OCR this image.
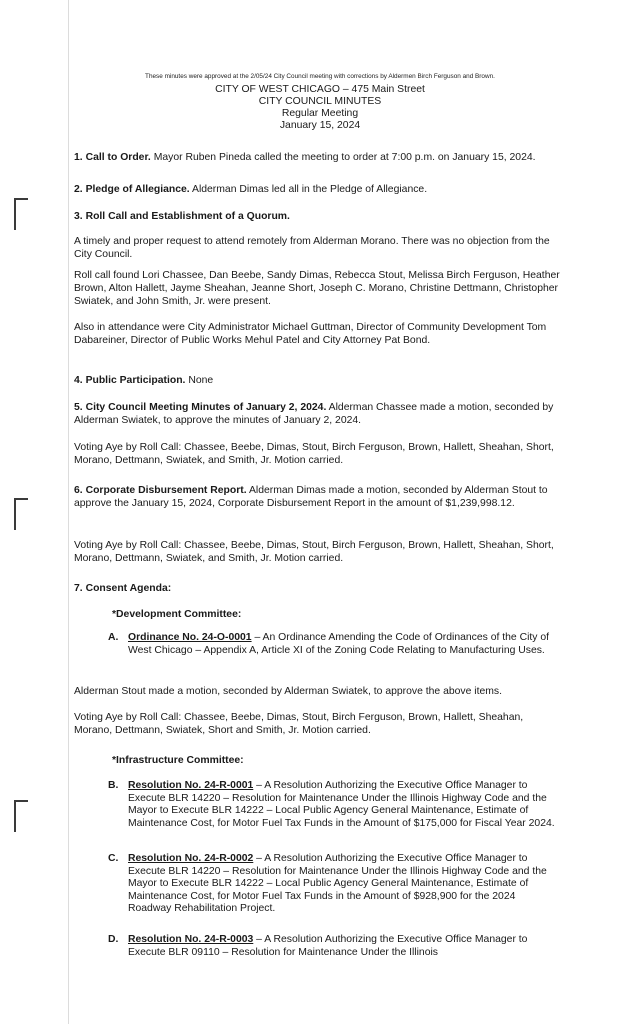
These minutes were approved at the 2/05/24 City Council meeting with corrections by Aldermen Birch Ferguson and Brown.
CITY OF WEST CHICAGO – 475 Main Street
CITY COUNCIL MINUTES
Regular Meeting
January 15, 2024
1. Call to Order. Mayor Ruben Pineda called the meeting to order at 7:00 p.m. on January 15, 2024.
2. Pledge of Allegiance. Alderman Dimas led all in the Pledge of Allegiance.
3. Roll Call and Establishment of a Quorum.
A timely and proper request to attend remotely from Alderman Morano. There was no objection from the City Council.
Roll call found Lori Chassee, Dan Beebe, Sandy Dimas, Rebecca Stout, Melissa Birch Ferguson, Heather Brown, Alton Hallett, Jayme Sheahan, Jeanne Short, Joseph C. Morano, Christine Dettmann, Christopher Swiatek, and John Smith, Jr. were present.
Also in attendance were City Administrator Michael Guttman, Director of Community Development Tom Dabareiner, Director of Public Works Mehul Patel and City Attorney Pat Bond.
4. Public Participation. None
5. City Council Meeting Minutes of January 2, 2024. Alderman Chassee made a motion, seconded by Alderman Swiatek, to approve the minutes of January 2, 2024.
Voting Aye by Roll Call: Chassee, Beebe, Dimas, Stout, Birch Ferguson, Brown, Hallett, Sheahan, Short, Morano, Dettmann, Swiatek, and Smith, Jr. Motion carried.
6. Corporate Disbursement Report. Alderman Dimas made a motion, seconded by Alderman Stout to approve the January 15, 2024, Corporate Disbursement Report in the amount of $1,239,998.12.
Voting Aye by Roll Call: Chassee, Beebe, Dimas, Stout, Birch Ferguson, Brown, Hallett, Sheahan, Short, Morano, Dettmann, Swiatek, and Smith, Jr. Motion carried.
7. Consent Agenda:
*Development Committee:
A. Ordinance No. 24-O-0001 – An Ordinance Amending the Code of Ordinances of the City of West Chicago – Appendix A, Article XI of the Zoning Code Relating to Manufacturing Uses.
Alderman Stout made a motion, seconded by Alderman Swiatek, to approve the above items.
Voting Aye by Roll Call: Chassee, Beebe, Dimas, Stout, Birch Ferguson, Brown, Hallett, Sheahan, Morano, Dettmann, Swiatek, Short and Smith, Jr. Motion carried.
*Infrastructure Committee:
B. Resolution No. 24-R-0001 – A Resolution Authorizing the Executive Office Manager to Execute BLR 14220 – Resolution for Maintenance Under the Illinois Highway Code and the Mayor to Execute BLR 14222 – Local Public Agency General Maintenance, Estimate of Maintenance Cost, for Motor Fuel Tax Funds in the Amount of $175,000 for Fiscal Year 2024.
C. Resolution No. 24-R-0002 – A Resolution Authorizing the Executive Office Manager to Execute BLR 14220 – Resolution for Maintenance Under the Illinois Highway Code and the Mayor to Execute BLR 14222 – Local Public Agency General Maintenance, Estimate of Maintenance Cost, for Motor Fuel Tax Funds in the Amount of $928,900 for the 2024 Roadway Rehabilitation Project.
D. Resolution No. 24-R-0003 – A Resolution Authorizing the Executive Office Manager to Execute BLR 09110 – Resolution for Maintenance Under the Illinois
